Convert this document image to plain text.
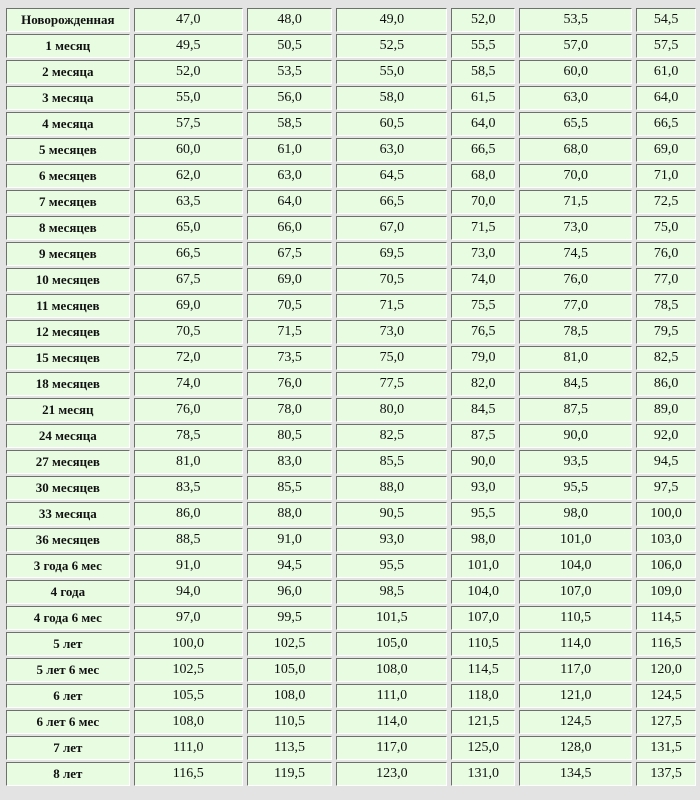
Новорожденная	47,0	48,0	49,0	52,0	53,5	54,5
1 месяц	49,5	50,5	52,5	55,5	57,0	57,5
2 месяца	52,0	53,5	55,0	58,5	60,0	61,0
3 месяца	55,0	56,0	58,0	61,5	63,0	64,0
4 месяца	57,5	58,5	60,5	64,0	65,5	66,5
5 месяцев	60,0	61,0	63,0	66,5	68,0	69,0
6 месяцев	62,0	63,0	64,5	68,0	70,0	71,0
7 месяцев	63,5	64,0	66,5	70,0	71,5	72,5
8 месяцев	65,0	66,0	67,0	71,5	73,0	75,0
9 месяцев	66,5	67,5	69,5	73,0	74,5	76,0
10 месяцев	67,5	69,0	70,5	74,0	76,0	77,0
11 месяцев	69,0	70,5	71,5	75,5	77,0	78,5
12 месяцев	70,5	71,5	73,0	76,5	78,5	79,5
15 месяцев	72,0	73,5	75,0	79,0	81,0	82,5
18 месяцев	74,0	76,0	77,5	82,0	84,5	86,0
21 месяц	76,0	78,0	80,0	84,5	87,5	89,0
24 месяца	78,5	80,5	82,5	87,5	90,0	92,0
27 месяцев	81,0	83,0	85,5	90,0	93,5	94,5
30 месяцев	83,5	85,5	88,0	93,0	95,5	97,5
33 месяца	86,0	88,0	90,5	95,5	98,0	100,0
36 месяцев	88,5	91,0	93,0	98,0	101,0	103,0
3 года 6 мес	91,0	94,5	95,5	101,0	104,0	106,0
4 года	94,0	96,0	98,5	104,0	107,0	109,0
4 года 6 мес	97,0	99,5	101,5	107,0	110,5	114,5
5 лет	100,0	102,5	105,0	110,5	114,0	116,5
5 лет 6 мес	102,5	105,0	108,0	114,5	117,0	120,0
6 лет	105,5	108,0	111,0	118,0	121,0	124,5
6 лет 6 мес	108,0	110,5	114,0	121,5	124,5	127,5
7 лет	111,0	113,5	117,0	125,0	128,0	131,5
8 лет	116,5	119,5	123,0	131,0	134,5	137,5
